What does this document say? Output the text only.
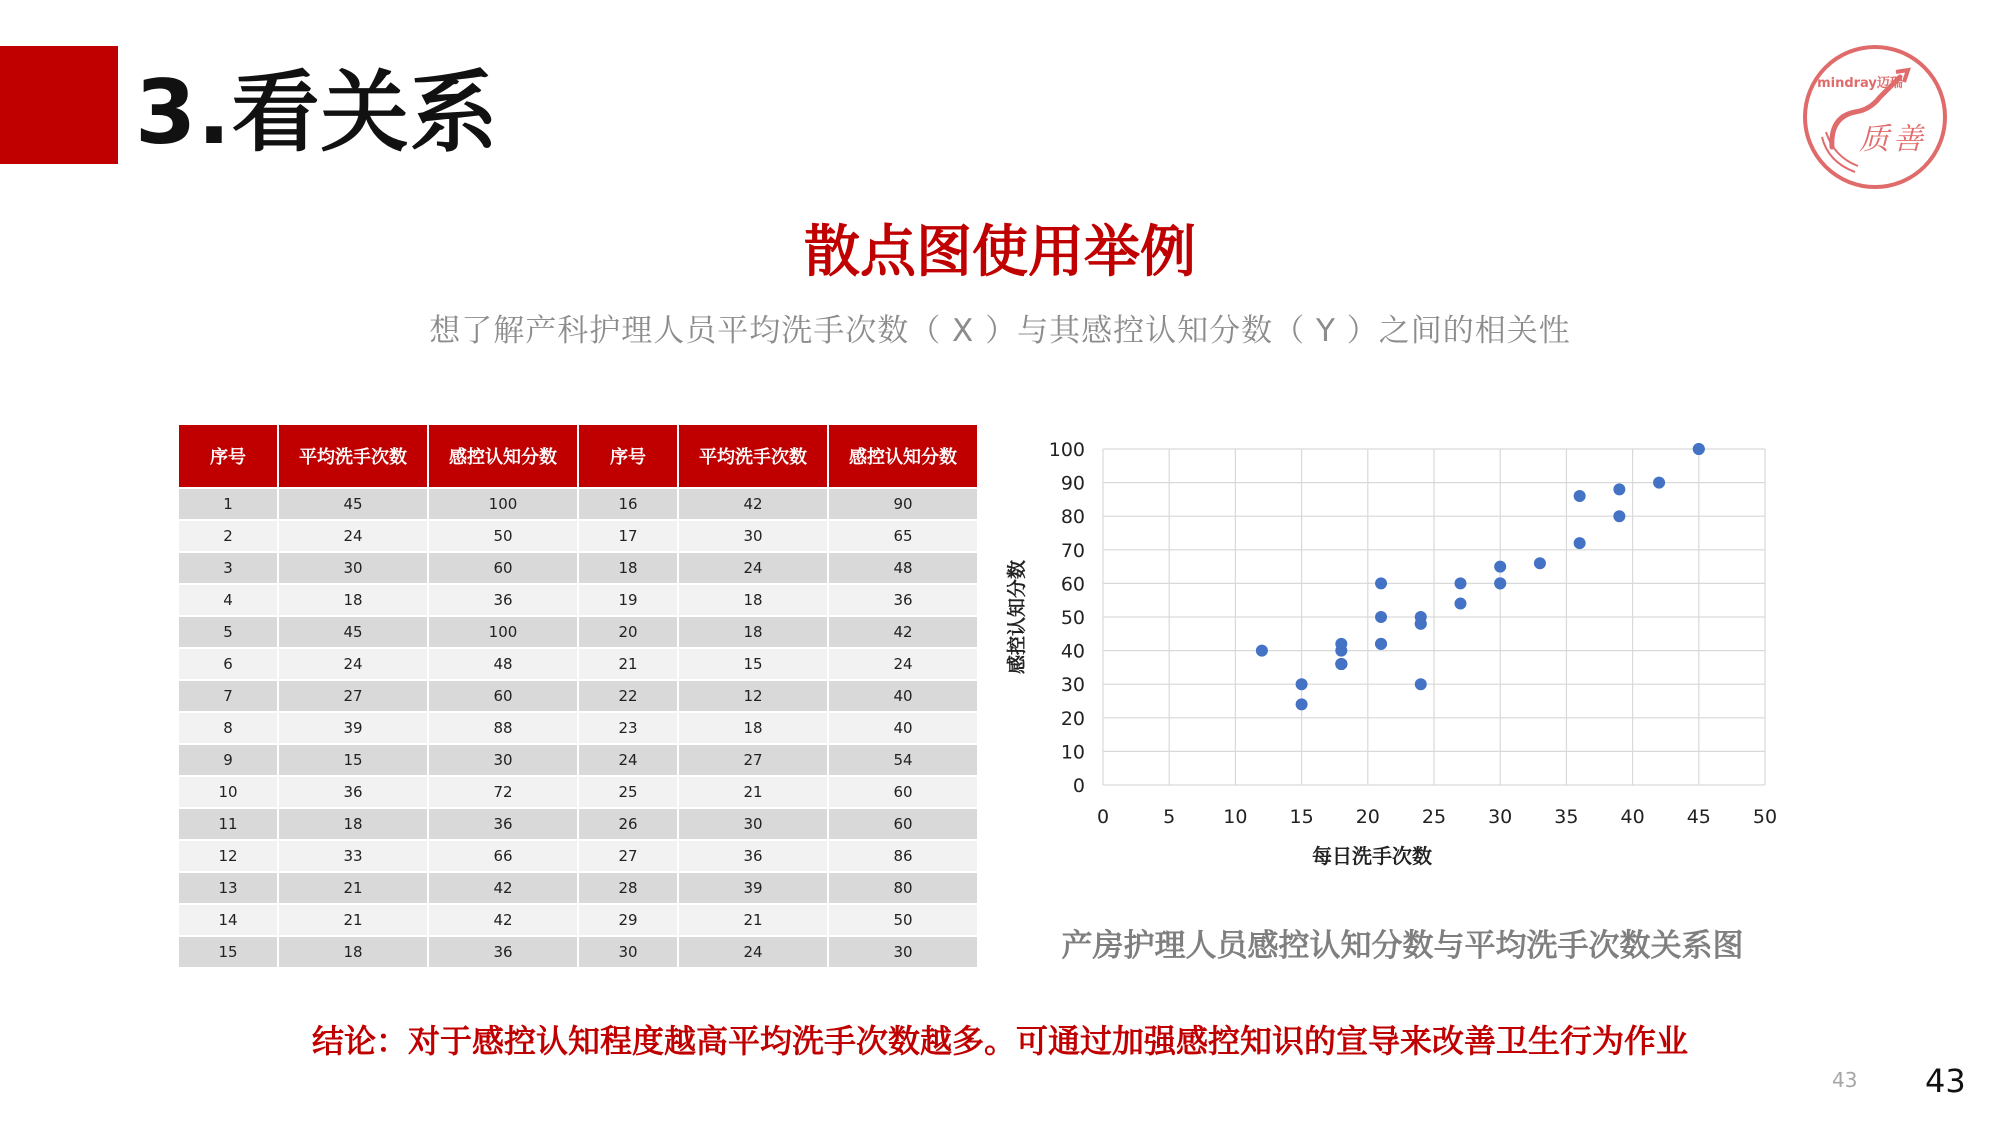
3.看关系	mindray迈瑞
质善
散点图使用举例
想了解产科护理人员平均洗手次数（ X ）与其感控认知分数（ Y ）之间的相关性
序号	平均洗手次数	感控认知分数	序号	平均洗手次数	感控认知分数
1	45	100	16	42	90
2	24	50	17	30	65
3	30	60	18	24	48
4	18	36	19	18	36
5	45	100	20	18	42
6	24	48	21	15	24
7	27	60	22	12	40
8	39	88	23	18	40
9	15	30	24	27	54
10	36	72	25	21	60
11	18	36	26	30	60
12	33	66	27	36	86
13	21	42	28	39	80
14	21	42	29	21	50
15	18	36	30	24	30
0
10
20
30
40
50
60
70
80
90
100
0	5	10 15 20 25 30 35 40 45 50
每日洗手次数
感控认知分数
产房护理人员感控认知分数与平均洗手次数关系图
结论：对于感控认知程度越高平均洗手次数越多。可通过加强感控知识的宣导来改善卫生行为作业
43 43
